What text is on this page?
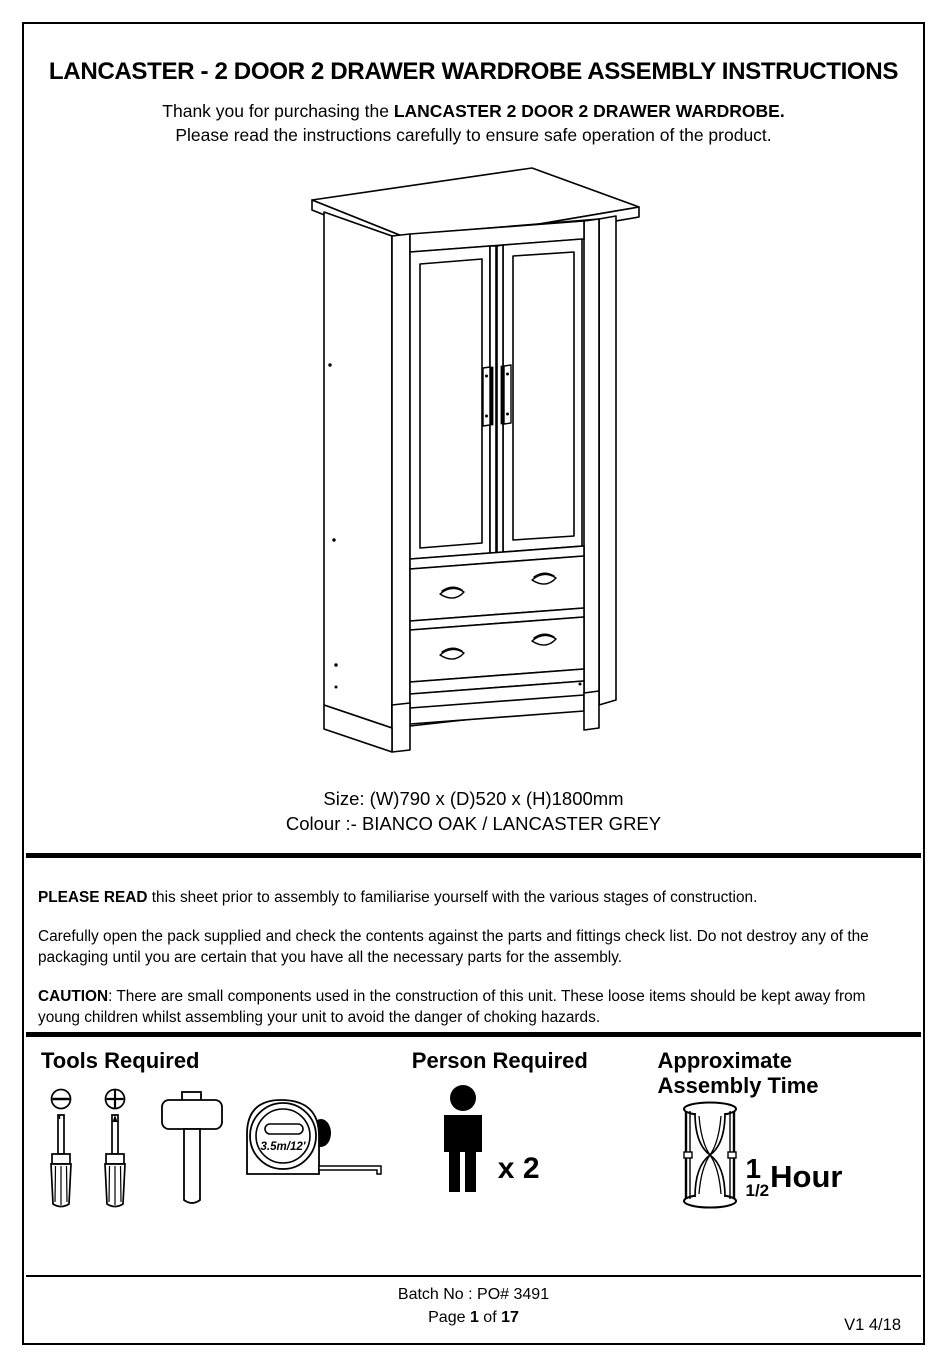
LANCASTER - 2 DOOR 2 DRAWER WARDROBE ASSEMBLY INSTRUCTIONS
Thank you for purchasing the LANCASTER 2 DOOR 2 DRAWER WARDROBE.
Please read the instructions carefully to ensure safe operation of the product.
Size: (W)790 x (D)520 x (H)1800mm
Colour :- BIANCO OAK / LANCASTER GREY

PLEASE READ this sheet prior to assembly to familiarise yourself with the various stages of construction.

Carefully open the pack supplied and check the contents against the parts and fittings check list. Do not destroy any of the packaging until you are certain that you have all the necessary parts for the assembly.

CAUTION: There are small components used in the construction of this unit. These loose items should be kept away from young children whilst assembling your unit to avoid the danger of choking hazards.

Tools Required
3.5m/12'
Person Required
x 2
Approximate
Assembly Time
1
1/2 Hour
Batch No : PO# 3491
Page 1 of 17	V1 4/18
